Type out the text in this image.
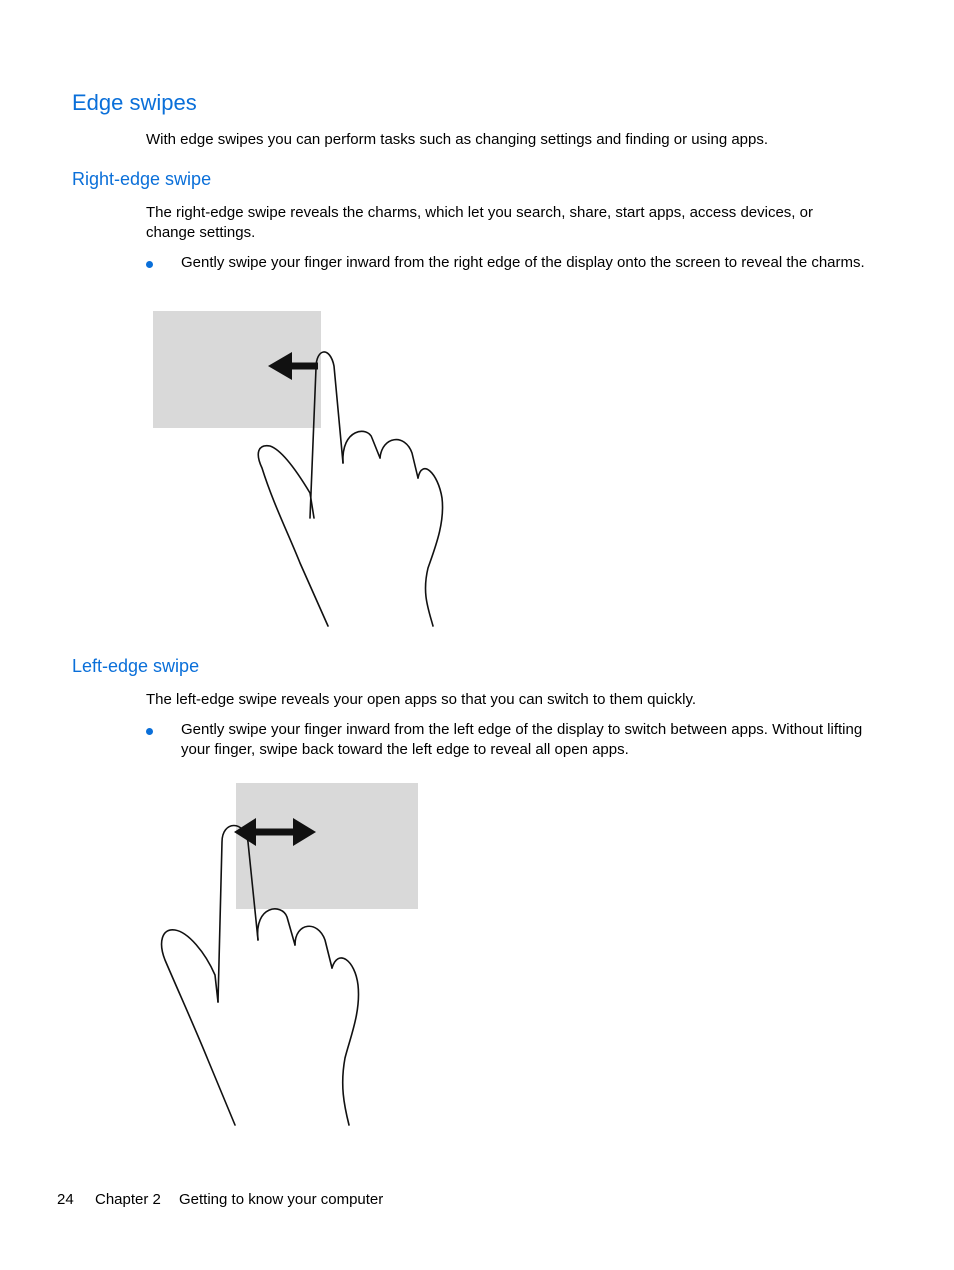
Edge swipes

With edge swipes you can perform tasks such as changing settings and finding or using apps.

Right-edge swipe

The right-edge swipe reveals the charms, which let you search, share, start apps, access devices, or change settings.

Gently swipe your finger inward from the right edge of the display onto the screen to reveal the charms.

Left-edge swipe

The left-edge swipe reveals your open apps so that you can switch to them quickly.

Gently swipe your finger inward from the left edge of the display to switch between apps. Without lifting your finger, swipe back toward the left edge to reveal all open apps.

24 Chapter 2 Getting to know your computer
